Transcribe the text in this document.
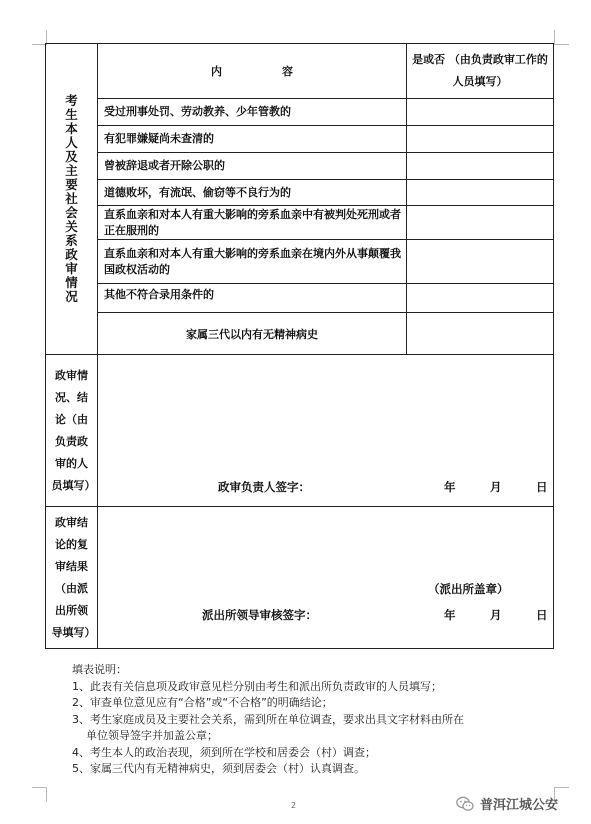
考生本人及主要社会关系政审情况	内 容	是或否 （由负责政审工作的人员填写）
	受过刑事处罚、劳动教养、少年管教的	
	有犯罪嫌疑尚未查清的	
	曾被辞退或者开除公职的	
	道德败坏，有流氓、偷窃等不良行为的	
	直系血亲和对本人有重大影响的旁系血亲中有被判处死刑或者正在服刑的	
	直系血亲和对本人有重大影响的旁系血亲在境内外从事颠覆我国政权活动的	
	其他不符合录用条件的	
	家属三代以内有无精神病史	
政审情况、结论（由负责政审的人员填写）	政审负责人签字： 年 月 日	

政审结论的复审结果（由派出所领导填写）	（派出所盖章）
派出所领导审核签字： 年 月 日	
填表说明：
1、此表有关信息项及政审意见栏分别由考生和派出所负责政审的人员填写；
2、审查单位意见应有“合格”或“不合格”的明确结论；
3、考生家庭成员及主要社会关系，需到所在单位调查，要求出具文字材料由所在
单位领导签字并加盖公章；
4、考生本人的政治表现，须到所在学校和居委会（村）调查；
5、家属三代内有无精神病史，须到居委会（村）认真调查。
2	普洱江城公安
